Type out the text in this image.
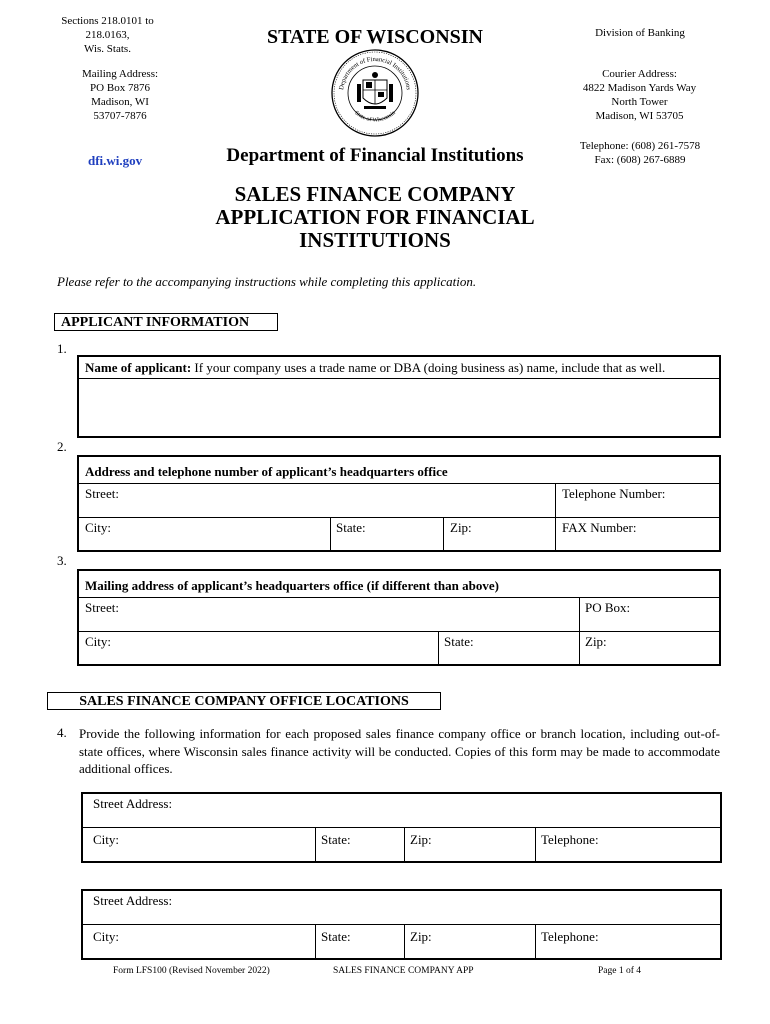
Sections 218.0101 to
218.0163,
Wis. Stats.
STATE OF WISCONSIN	Division of Banking
Mailing Address:
PO Box 7876
Madison, WI
53707-7876
Department of Financial Institutions
State of Wisconsin
Courier Address:
4822 Madison Yards Way
North Tower
Madison, WI 53705
dfi.wi.gov	Department of Financial Institutions	Telephone: (608) 261-7578
Fax: (608) 267-6889
SALES FINANCE COMPANY
APPLICATION FOR FINANCIAL
INSTITUTIONS
Please refer to the accompanying instructions while completing this application.
APPLICANT INFORMATION
1.
Name of applicant: If your company uses a trade name or DBA (doing business as) name, include that as well.
2.
Address and telephone number of applicant’s headquarters office
Street:	Telephone Number:
City:	State:	Zip:	FAX Number:
3.
Mailing address of applicant’s headquarters office (if different than above)
Street:	PO Box:
City:	State:	Zip:
SALES FINANCE COMPANY OFFICE LOCATIONS
4. Provide the following information for each proposed sales finance company office or branch location, including out-of-state offices, where Wisconsin sales finance activity will be conducted. Copies of this form may be made to accommodate additional offices.
Street Address:
City:	State:	Zip:	Telephone:
Street Address:
City:	State:	Zip:	Telephone:
Form LFS100 (Revised November 2022)	SALES FINANCE COMPANY APP	Page 1 of 4
